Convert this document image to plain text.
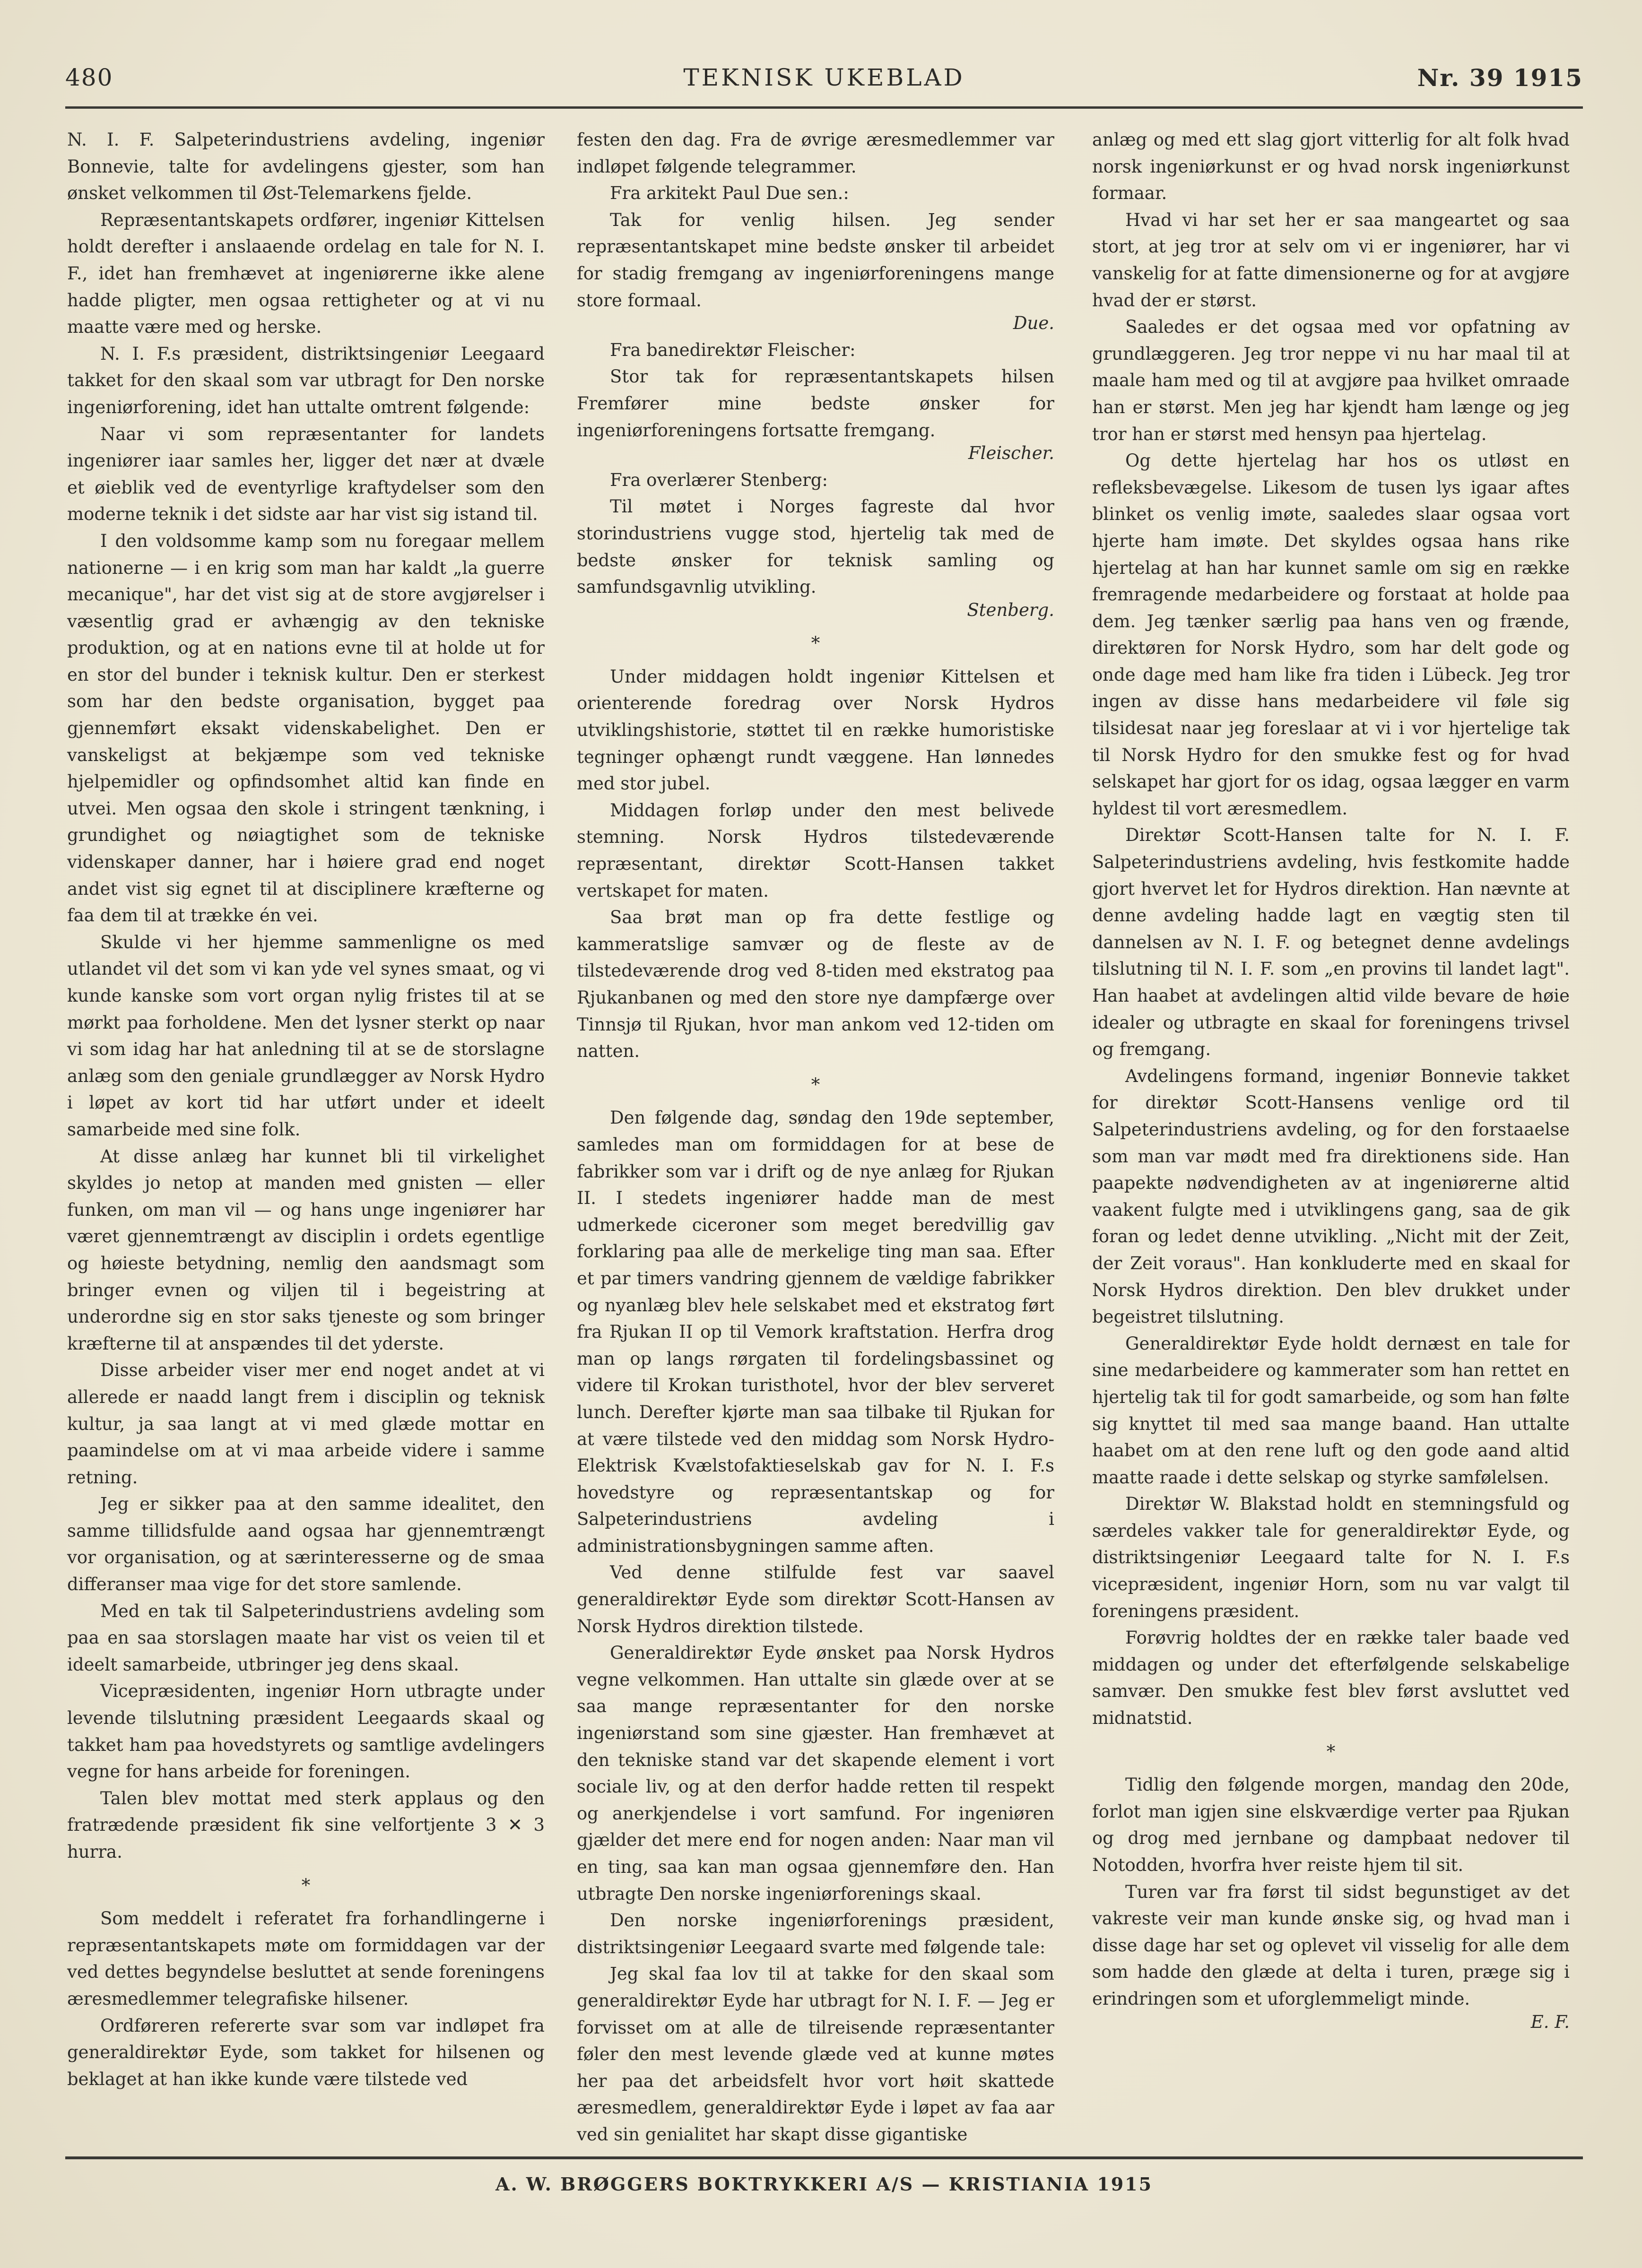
480	TEKNISK UKEBLAD	Nr. 39 1915

N. I. F. Salpeterindustriens avdeling, ingeniør Bonnevie, talte for avdelingens gjester, som han ønsket velkommen til Øst-Telemarkens fjelde.

Repræsentantskapets ordfører, ingeniør Kittelsen holdt derefter i anslaaende ordelag en tale for N. I. F., idet han fremhævet at ingeniørerne ikke alene hadde pligter, men ogsaa rettigheter og at vi nu maatte være med og herske.

N. I. F.s præsident, distriktsingeniør Leegaard takket for den skaal som var utbragt for Den norske ingeniørforening, idet han uttalte omtrent følgende:

Naar vi som repræsentanter for landets ingeniører iaar samles her, ligger det nær at dvæle et øieblik ved de eventyrlige kraftydelser som den moderne teknik i det sidste aar har vist sig istand til.

I den voldsomme kamp som nu foregaar mellem nationerne — i en krig som man har kaldt „la guerre mecanique", har det vist sig at de store avgjørelser i væsentlig grad er avhængig av den tekniske produktion, og at en nations evne til at holde ut for en stor del bunder i teknisk kultur. Den er sterkest som har den bedste organisation, bygget paa gjennemført eksakt videnskabelighet. Den er vanskeligst at bekjæmpe som ved tekniske hjelpemidler og opfindsomhet altid kan finde en utvei. Men ogsaa den skole i stringent tænkning, i grundighet og nøiagtighet som de tekniske videnskaper danner, har i høiere grad end noget andet vist sig egnet til at disciplinere kræfterne og faa dem til at trække én vei.

Skulde vi her hjemme sammenligne os med utlandet vil det som vi kan yde vel synes smaat, og vi kunde kanske som vort organ nylig fristes til at se mørkt paa forholdene. Men det lysner sterkt op naar vi som idag har hat anledning til at se de storslagne anlæg som den geniale grundlægger av Norsk Hydro i løpet av kort tid har utført under et ideelt samarbeide med sine folk.

At disse anlæg har kunnet bli til virkelighet skyldes jo netop at manden med gnisten — eller funken, om man vil — og hans unge ingeniører har været gjennemtrængt av disciplin i ordets egentlige og høieste betydning, nemlig den aandsmagt som bringer evnen og viljen til i begeistring at underordne sig en stor saks tjeneste og som bringer kræfterne til at anspændes til det yderste.

Disse arbeider viser mer end noget andet at vi allerede er naadd langt frem i disciplin og teknisk kultur, ja saa langt at vi med glæde mottar en paamindelse om at vi maa arbeide videre i samme retning.

Jeg er sikker paa at den samme idealitet, den samme tillidsfulde aand ogsaa har gjennemtrængt vor organisation, og at særinteresserne og de smaa differanser maa vige for det store samlende.

Med en tak til Salpeterindustriens avdeling som paa en saa storslagen maate har vist os veien til et ideelt samarbeide, utbringer jeg dens skaal.

Vicepræsidenten, ingeniør Horn utbragte under levende tilslutning præsident Leegaards skaal og takket ham paa hovedstyrets og samtlige avdelingers vegne for hans arbeide for foreningen.

Talen blev mottat med sterk applaus og den fratrædende præsident fik sine velfortjente 3 ✕ 3 hurra.

*

Som meddelt i referatet fra forhandlingerne i repræsentantskapets møte om formiddagen var der ved dettes begyndelse besluttet at sende foreningens æresmedlemmer telegrafiske hilsener.

Ordføreren refererte svar som var indløpet fra generaldirektør Eyde, som takket for hilsenen og beklaget at han ikke kunde være tilstede ved

festen den dag. Fra de øvrige æresmedlemmer var indløpet følgende telegrammer.

Fra arkitekt Paul Due sen.:

Tak for venlig hilsen. Jeg sender repræsentantskapet mine bedste ønsker til arbeidet for stadig fremgang av ingeniørforeningens mange store formaal.

Due.

Fra banedirektør Fleischer:

Stor tak for repræsentantskapets hilsen Fremfører mine bedste ønsker for ingeniørforeningens fortsatte fremgang.

Fleischer.

Fra overlærer Stenberg:

Til møtet i Norges fagreste dal hvor storindustriens vugge stod, hjertelig tak med de bedste ønsker for teknisk samling og samfundsgavnlig utvikling.

Stenberg.

*

Under middagen holdt ingeniør Kittelsen et orienterende foredrag over Norsk Hydros utviklingshistorie, støttet til en række humoristiske tegninger ophængt rundt væggene. Han lønnedes med stor jubel.

Middagen forløp under den mest belivede stemning. Norsk Hydros tilstedeværende repræsentant, direktør Scott-Hansen takket vertskapet for maten.

Saa brøt man op fra dette festlige og kammeratslige samvær og de fleste av de tilstedeværende drog ved 8-tiden med ekstratog paa Rjukanbanen og med den store nye dampfærge over Tinnsjø til Rjukan, hvor man ankom ved 12-tiden om natten.

*

Den følgende dag, søndag den 19de september, samledes man om formiddagen for at bese de fabrikker som var i drift og de nye anlæg for Rjukan II. I stedets ingeniører hadde man de mest udmerkede ciceroner som meget beredvillig gav forklaring paa alle de merkelige ting man saa. Efter et par timers vandring gjennem de vældige fabrikker og nyanlæg blev hele selskabet med et ekstratog ført fra Rjukan II op til Vemork kraftstation. Herfra drog man op langs rørgaten til fordelingsbassinet og videre til Krokan turisthotel, hvor der blev serveret lunch. Derefter kjørte man saa tilbake til Rjukan for at være tilstede ved den middag som Norsk Hydro-Elektrisk Kvælstofaktieselskab gav for N. I. F.s hovedstyre og repræsentantskap og for Salpeterindustriens avdeling i administrationsbygningen samme aften.

Ved denne stilfulde fest var saavel generaldirektør Eyde som direktør Scott-Hansen av Norsk Hydros direktion tilstede.

Generaldirektør Eyde ønsket paa Norsk Hydros vegne velkommen. Han uttalte sin glæde over at se saa mange repræsentanter for den norske ingeniørstand som sine gjæster. Han fremhævet at den tekniske stand var det skapende element i vort sociale liv, og at den derfor hadde retten til respekt og anerkjendelse i vort samfund. For ingeniøren gjælder det mere end for nogen anden: Naar man vil en ting, saa kan man ogsaa gjennemføre den. Han utbragte Den norske ingeniørforenings skaal.

Den norske ingeniørforenings præsident, distriktsingeniør Leegaard svarte med følgende tale:

Jeg skal faa lov til at takke for den skaal som generaldirektør Eyde har utbragt for N. I. F. — Jeg er forvisset om at alle de tilreisende repræsentanter føler den mest levende glæde ved at kunne møtes her paa det arbeidsfelt hvor vort høit skattede æresmedlem, generaldirektør Eyde i løpet av faa aar ved sin genialitet har skapt disse gigantiske

anlæg og med ett slag gjort vitterlig for alt folk hvad norsk ingeniørkunst er og hvad norsk ingeniørkunst formaar.

Hvad vi har set her er saa mangeartet og saa stort, at jeg tror at selv om vi er ingeniører, har vi vanskelig for at fatte dimensionerne og for at avgjøre hvad der er størst.

Saaledes er det ogsaa med vor opfatning av grundlæggeren. Jeg tror neppe vi nu har maal til at maale ham med og til at avgjøre paa hvilket omraade han er størst. Men jeg har kjendt ham længe og jeg tror han er størst med hensyn paa hjertelag.

Og dette hjertelag har hos os utløst en refleksbevægelse. Likesom de tusen lys igaar aftes blinket os venlig imøte, saaledes slaar ogsaa vort hjerte ham imøte. Det skyldes ogsaa hans rike hjertelag at han har kunnet samle om sig en række fremragende medarbeidere og forstaat at holde paa dem. Jeg tænker særlig paa hans ven og frænde, direktøren for Norsk Hydro, som har delt gode og onde dage med ham like fra tiden i Lübeck. Jeg tror ingen av disse hans medarbeidere vil føle sig tilsidesat naar jeg foreslaar at vi i vor hjertelige tak til Norsk Hydro for den smukke fest og for hvad selskapet har gjort for os idag, ogsaa lægger en varm hyldest til vort æresmedlem.

Direktør Scott-Hansen talte for N. I. F. Salpeterindustriens avdeling, hvis festkomite hadde gjort hvervet let for Hydros direktion. Han nævnte at denne avdeling hadde lagt en vægtig sten til dannelsen av N. I. F. og betegnet denne avdelings tilslutning til N. I. F. som „en provins til landet lagt". Han haabet at avdelingen altid vilde bevare de høie idealer og utbragte en skaal for foreningens trivsel og fremgang.

Avdelingens formand, ingeniør Bonnevie takket for direktør Scott-Hansens venlige ord til Salpeterindustriens avdeling, og for den forstaaelse som man var mødt med fra direktionens side. Han paapekte nødvendigheten av at ingeniørerne altid vaakent fulgte med i utviklingens gang, saa de gik foran og ledet denne utvikling. „Nicht mit der Zeit, der Zeit voraus". Han konkluderte med en skaal for Norsk Hydros direktion. Den blev drukket under begeistret tilslutning.

Generaldirektør Eyde holdt dernæst en tale for sine medarbeidere og kammerater som han rettet en hjertelig tak til for godt samarbeide, og som han følte sig knyttet til med saa mange baand. Han uttalte haabet om at den rene luft og den gode aand altid maatte raade i dette selskap og styrke samfølelsen.

Direktør W. Blakstad holdt en stemningsfuld og særdeles vakker tale for generaldirektør Eyde, og distriktsingeniør Leegaard talte for N. I. F.s vicepræsident, ingeniør Horn, som nu var valgt til foreningens præsident.

Forøvrig holdtes der en række taler baade ved middagen og under det efterfølgende selskabelige samvær. Den smukke fest blev først avsluttet ved midnatstid.

*

Tidlig den følgende morgen, mandag den 20de, forlot man igjen sine elskværdige verter paa Rjukan og drog med jernbane og dampbaat nedover til Notodden, hvorfra hver reiste hjem til sit.

Turen var fra først til sidst begunstiget av det vakreste veir man kunde ønske sig, og hvad man i disse dage har set og oplevet vil visselig for alle dem som hadde den glæde at delta i turen, præge sig i erindringen som et uforglemmeligt minde.

E. F.

A. W. BRØGGERS BOKTRYKKERI A/S — KRISTIANIA 1915
